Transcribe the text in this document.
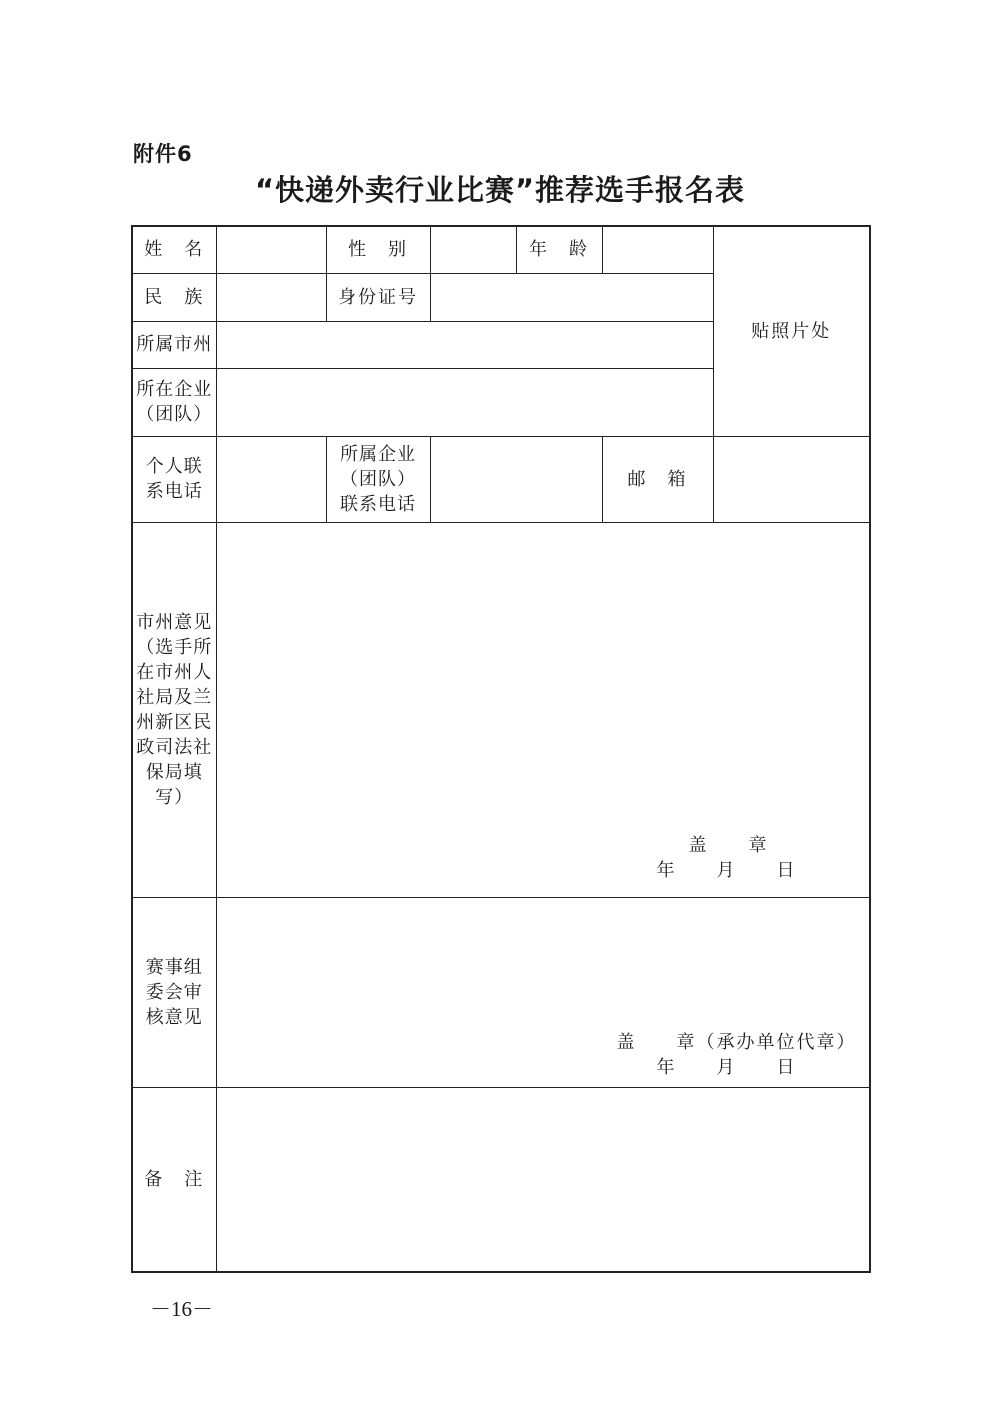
附件6
“快递外卖行业比赛”推荐选手报名表
姓　名		性　别		年　龄		贴照片处
民　族		身份证号				
所属市州						
所在企业（团队）						
个人联系电话		所属企业（团队）联系电话			邮　箱	
市州意见（选手所在市州人社局及兰州新区民政司法社保局填写）	盖　　章
年　　月　　日					

赛事组委会审核意见	盖　　章（承办单位代章）
年　　月　　日					

备　注						
－16－
